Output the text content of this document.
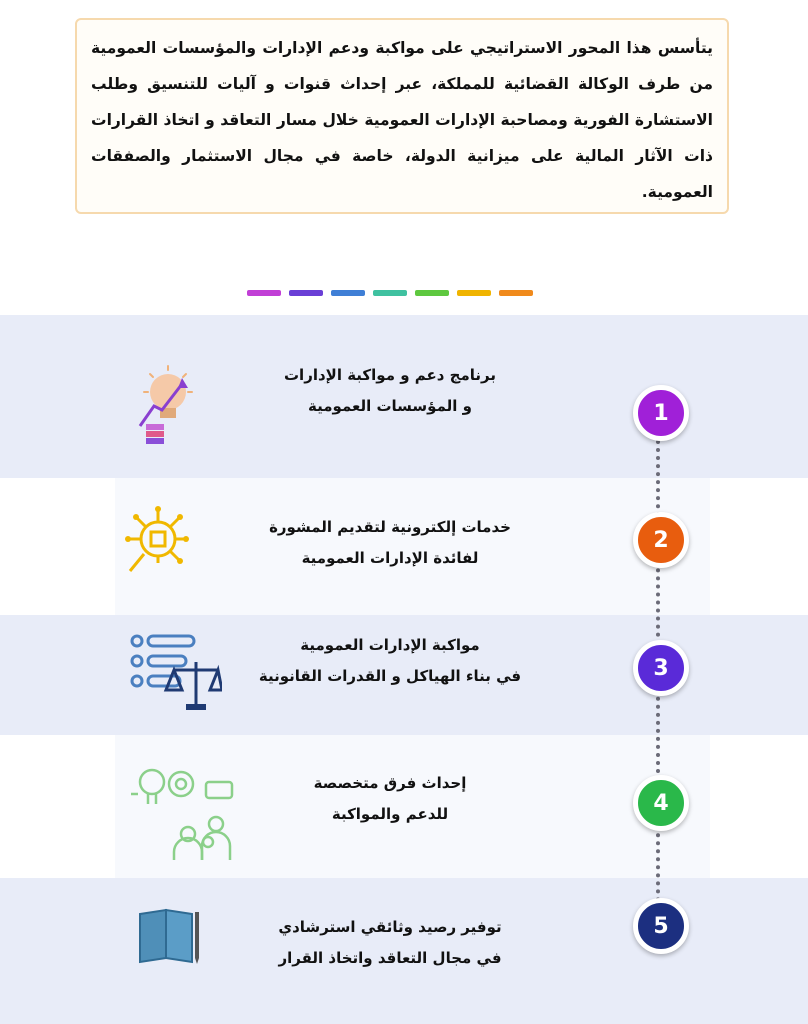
يتأسس هذا المحور الاستراتيجي على مواكبة ودعم الإدارات والمؤسسات العمومية من طرف الوكالة القضائية للمملكة، عبر إحداث قنوات و آليات للتنسيق وطلب الاستشارة الفورية ومصاحبة الإدارات العمومية خلال مسار التعاقد و اتخاذ القرارات ذات الآثار المالية على ميزانية الدولة، خاصة في مجال الاستثمار والصفقات العمومية.
1
برنامج دعم و مواكبة الإدارات
و المؤسسات العمومية
2
خدمات إلكترونية لتقديم المشورة
لفائدة الإدارات العمومية
3
مواكبة الإدارات العمومية
في بناء الهياكل و القدرات القانونية
4
إحداث فرق متخصصة
للدعم والمواكبة
5
توفير رصيد وثائقي استرشادي
في مجال التعاقد واتخاذ القرار
